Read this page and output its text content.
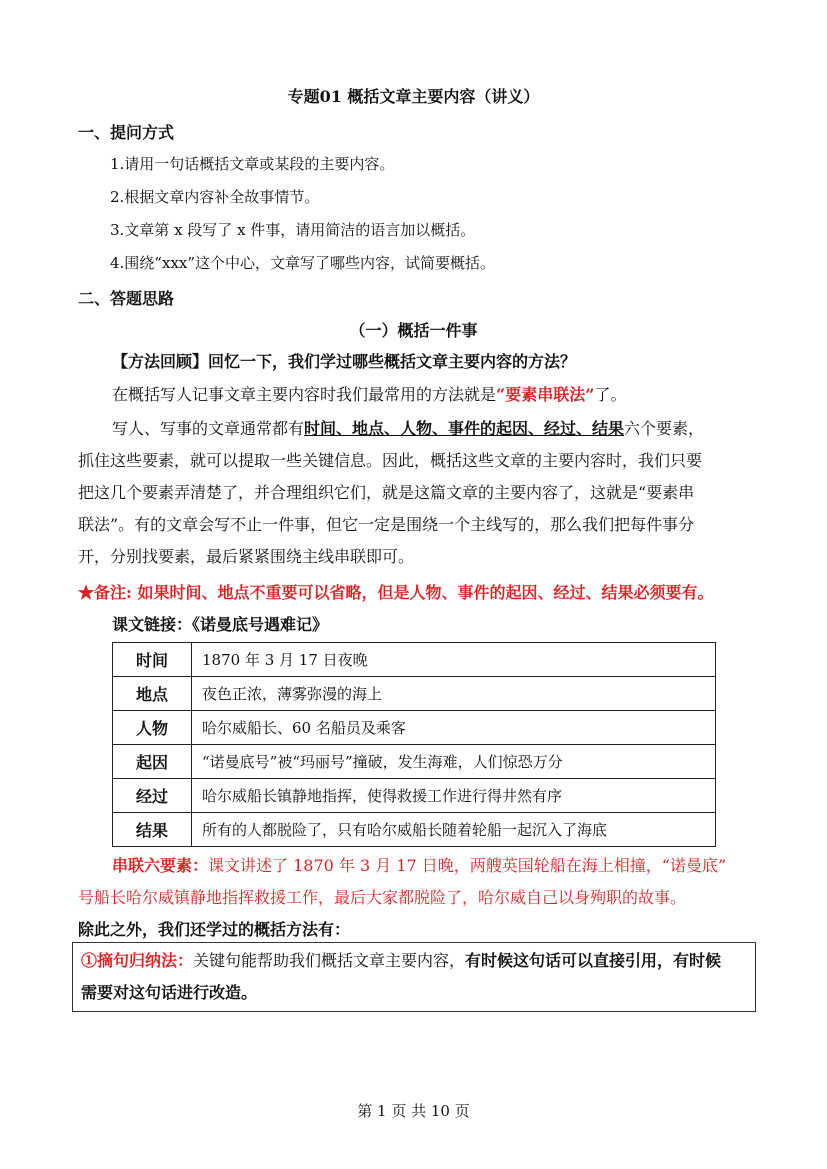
专题01 概括文章主要内容（讲义）
一、提问方式
1.请用一句话概括文章或某段的主要内容。
2.根据文章内容补全故事情节。
3.文章第 x 段写了 x 件事，请用简洁的语言加以概括。
4.围绕“xxx”这个中心，文章写了哪些内容，试简要概括。
二、答题思路
（一）概括一件事
【方法回顾】回忆一下，我们学过哪些概括文章主要内容的方法？
在概括写人记事文章主要内容时我们最常用的方法就是“要素串联法”了。
写人、写事的文章通常都有时间、地点、人物、事件的起因、经过、结果六个要素，
抓住这些要素，就可以提取一些关键信息。因此，概括这些文章的主要内容时，我们只要
把这几个要素弄清楚了，并合理组织它们，就是这篇文章的主要内容了，这就是“要素串
联法”。有的文章会写不止一件事，但它一定是围绕一个主线写的，那么我们把每件事分
开，分别找要素，最后紧紧围绕主线串联即可。
★备注: 如果时间、地点不重要可以省略，但是人物、事件的起因、经过、结果必须要有。
课文链接：《诺曼底号遇难记》
时间	1870 年 3 月 17 日夜晚
地点	夜色正浓，薄雾弥漫的海上
人物	哈尔威船长、60 名船员及乘客
起因	“诺曼底号”被“玛丽号”撞破，发生海难，人们惊恐万分
经过	哈尔威船长镇静地指挥，使得救援工作进行得井然有序
结果	所有的人都脱险了，只有哈尔威船长随着轮船一起沉入了海底
串联六要素：课文讲述了 1870 年 3 月 17 日晚，两艘英国轮船在海上相撞，“诺曼底”
号船长哈尔威镇静地指挥救援工作，最后大家都脱险了，哈尔威自己以身殉职的故事。
除此之外，我们还学过的概括方法有：
①摘句归纳法：关键句能帮助我们概括文章主要内容，有时候这句话可以直接引用，有时候
需要对这句话进行改造。
第 1 页 共 10 页
